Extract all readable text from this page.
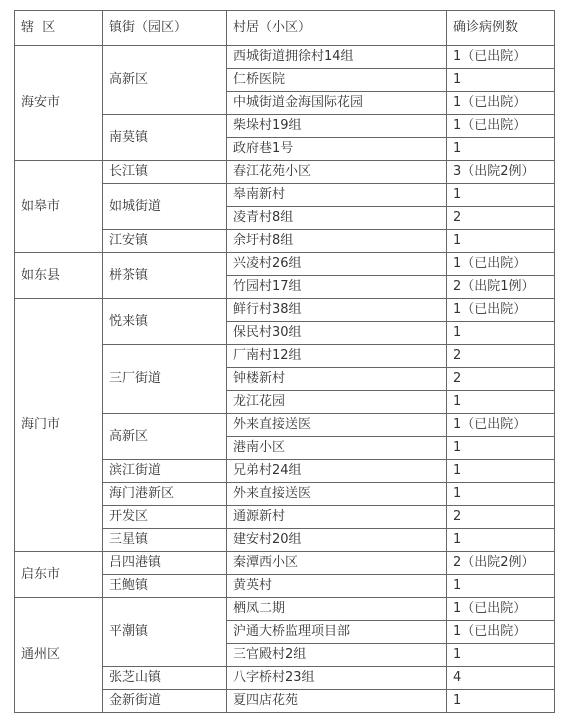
辖  区	镇街（园区）	村居（小区）	确诊病例数
海安市	高新区	西城街道拥徐村14组	1（已出院）
		仁桥医院	1
		中城街道金海国际花园	1（已出院）
	南莫镇	柴垛村19组	1（已出院）
		政府巷1号	1
如皋市	长江镇	春江花苑小区	3（出院2例）
	如城街道	皋南新村	1
		凌青村8组	2
	江安镇	余圩村8组	1
如东县	栟茶镇	兴凌村26组	1（已出院）
		竹园村17组	2（出院1例）
海门市	悦来镇	鲜行村38组	1（已出院）
		保民村30组	1
	三厂街道	厂南村12组	2
		钟楼新村	2
		龙江花园	1
	高新区	外来直接送医	1（已出院）
		港南小区	1
	滨江街道	兄弟村24组	1
	海门港新区	外来直接送医	1
	开发区	通源新村	2
	三星镇	建安村20组	1
启东市	吕四港镇	秦潭西小区	2（出院2例）
	王鲍镇	黄英村	1
通州区	平潮镇	栖凤二期	1（已出院）
		沪通大桥监理项目部	1（已出院）
		三官殿村2组	1
	张芝山镇	八字桥村23组	4
	金新街道	夏四店花苑	1
